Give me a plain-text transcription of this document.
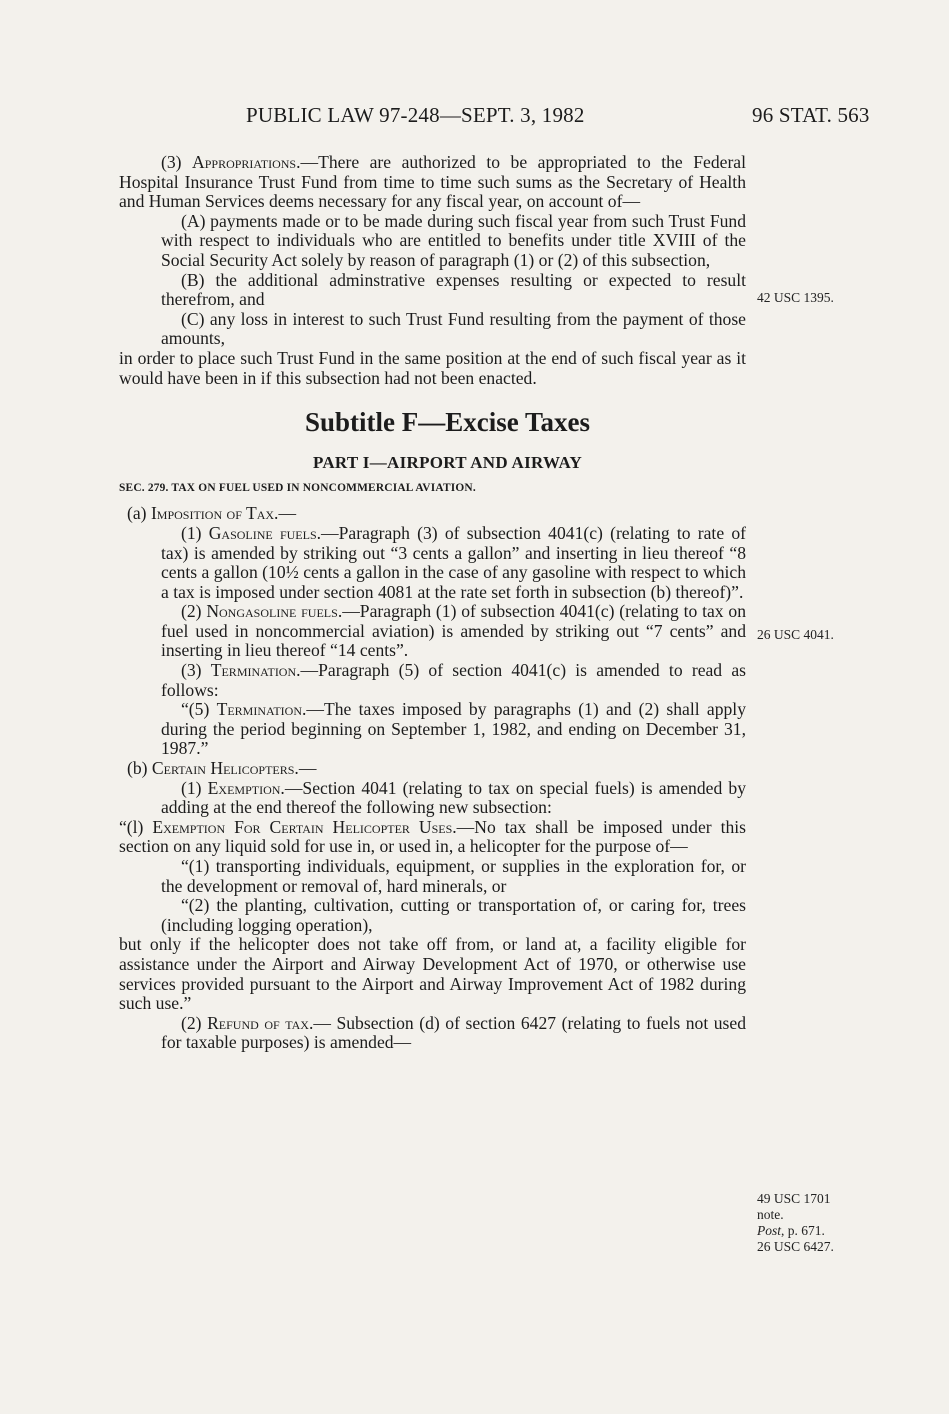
PUBLIC LAW 97-248—SEPT. 3, 1982	96 STAT. 563

(3) Appropriations.—There are authorized to be appropriated to the Federal Hospital Insurance Trust Fund from time to time such sums as the Secretary of Health and Human Services deems necessary for any fiscal year, on account of—

(A) payments made or to be made during such fiscal year from such Trust Fund with respect to individuals who are entitled to benefits under title XVIII of the Social Security Act solely by reason of paragraph (1) or (2) of this subsection,

(B) the additional adminstrative expenses resulting or expected to result therefrom, and

(C) any loss in interest to such Trust Fund resulting from the payment of those amounts,

in order to place such Trust Fund in the same position at the end of such fiscal year as it would have been in if this subsection had not been enacted.

Subtitle F—Excise Taxes

PART I—AIRPORT AND AIRWAY

SEC. 279. TAX ON FUEL USED IN NONCOMMERCIAL AVIATION.

(a) Imposition of Tax.—

(1) Gasoline fuels.—Paragraph (3) of subsection 4041(c) (relating to rate of tax) is amended by striking out “3 cents a gallon” and inserting in lieu thereof “8 cents a gallon (10½ cents a gallon in the case of any gasoline with respect to which a tax is imposed under section 4081 at the rate set forth in subsection (b) thereof)”.

(2) Nongasoline fuels.—Paragraph (1) of subsection 4041(c) (relating to tax on fuel used in noncommercial aviation) is amended by striking out “7 cents” and inserting in lieu thereof “14 cents”.

(3) Termination.—Paragraph (5) of section 4041(c) is amended to read as follows:

“(5) Termination.—The taxes imposed by paragraphs (1) and (2) shall apply during the period beginning on September 1, 1982, and ending on December 31, 1987.”

(b) Certain Helicopters.—

(1) Exemption.—Section 4041 (relating to tax on special fuels) is amended by adding at the end thereof the following new subsection:

“(l) Exemption For Certain Helicopter Uses.—No tax shall be imposed under this section on any liquid sold for use in, or used in, a helicopter for the purpose of—

“(1) transporting individuals, equipment, or supplies in the exploration for, or the development or removal of, hard minerals, or

“(2) the planting, cultivation, cutting or transportation of, or caring for, trees (including logging operation),

but only if the helicopter does not take off from, or land at, a facility eligible for assistance under the Airport and Airway Development Act of 1970, or otherwise use services provided pursuant to the Airport and Airway Improvement Act of 1982 during such use.”

(2) Refund of tax.— Subsection (d) of section 6427 (relating to fuels not used for taxable purposes) is amended—

42 USC 1395.
26 USC 4041.
49 USC 1701
note.
Post, p. 671.
26 USC 6427.
